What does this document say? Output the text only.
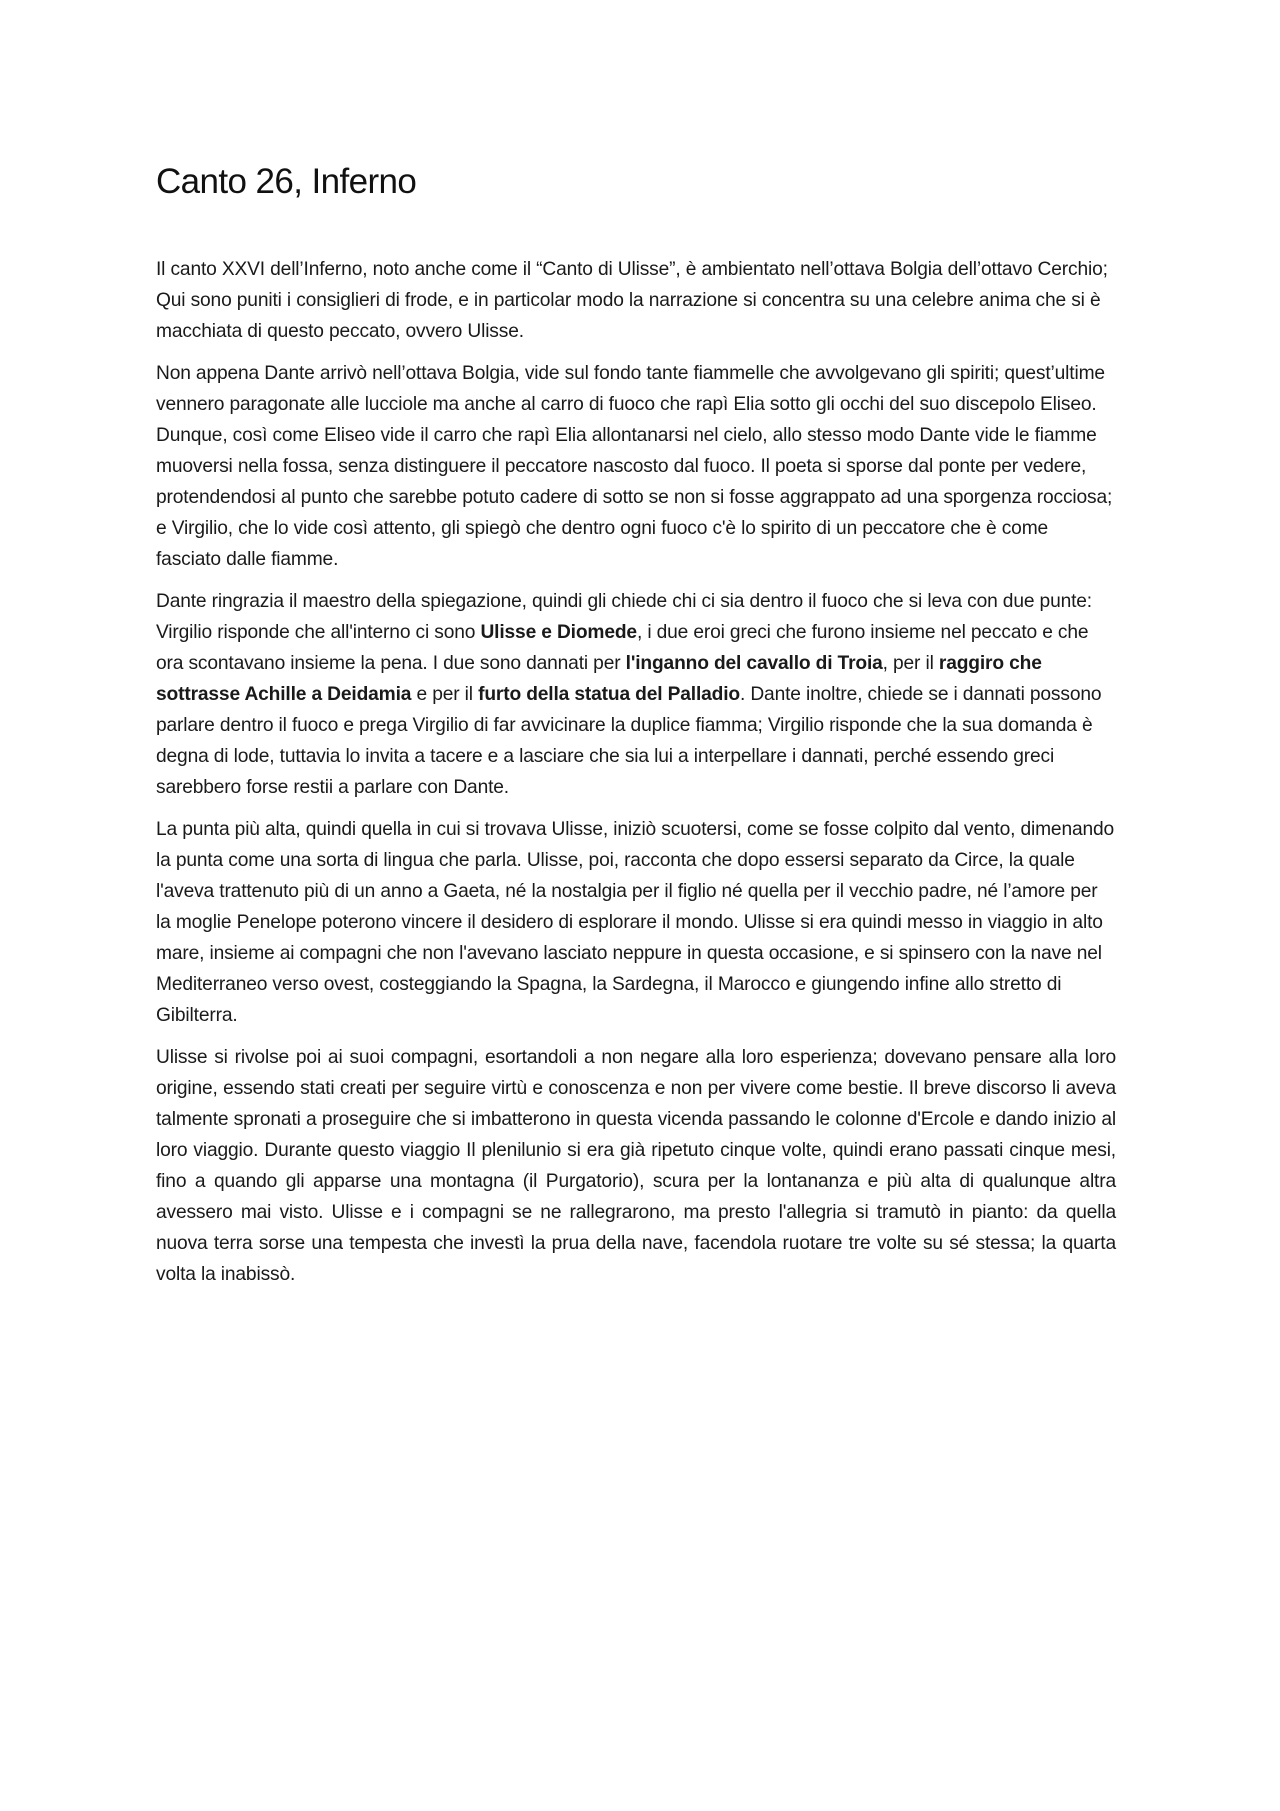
Canto 26, Inferno

Il canto XXVI dell’Inferno, noto anche come il “Canto di Ulisse”, è ambientato nell’ottava Bolgia dell’ottavo Cerchio; Qui sono puniti i consiglieri di frode, e in particolar modo la narrazione si concentra su una celebre anima che si è macchiata di questo peccato, ovvero Ulisse.

Non appena Dante arrivò nell’ottava Bolgia, vide sul fondo tante fiammelle che avvolgevano gli spiriti; quest’ultime vennero paragonate alle lucciole ma anche al carro di fuoco che rapì Elia sotto gli occhi del suo discepolo Eliseo. Dunque, così come Eliseo vide il carro che rapì Elia allontanarsi nel cielo, allo stesso modo Dante vide le fiamme muoversi nella fossa, senza distinguere il peccatore nascosto dal fuoco. Il poeta si sporse dal ponte per vedere, protendendosi al punto che sarebbe potuto cadere di sotto se non si fosse aggrappato ad una sporgenza rocciosa; e Virgilio, che lo vide così attento, gli spiegò che dentro ogni fuoco c'è lo spirito di un peccatore che è come fasciato dalle fiamme.

Dante ringrazia il maestro della spiegazione, quindi gli chiede chi ci sia dentro il fuoco che si leva con due punte: Virgilio risponde che all'interno ci sono Ulisse e Diomede, i due eroi greci che furono insieme nel peccato e che ora scontavano insieme la pena. I due sono dannati per l'inganno del cavallo di Troia, per il raggiro che sottrasse Achille a Deidamia e per il furto della statua del Palladio. Dante inoltre, chiede se i dannati possono parlare dentro il fuoco e prega Virgilio di far avvicinare la duplice fiamma; Virgilio risponde che la sua domanda è degna di lode, tuttavia lo invita a tacere e a lasciare che sia lui a interpellare i dannati, perché essendo greci sarebbero forse restii a parlare con Dante.

La punta più alta, quindi quella in cui si trovava Ulisse, iniziò scuotersi, come se fosse colpito dal vento, dimenando la punta come una sorta di lingua che parla. Ulisse, poi, racconta che dopo essersi separato da Circe, la quale l'aveva trattenuto più di un anno a Gaeta, né la nostalgia per il figlio né quella per il vecchio padre, né l’amore per la moglie Penelope poterono vincere il desidero di esplorare il mondo. Ulisse si era quindi messo in viaggio in alto mare, insieme ai compagni che non l'avevano lasciato neppure in questa occasione, e si spinsero con la nave nel Mediterraneo verso ovest, costeggiando la Spagna, la Sardegna, il Marocco e giungendo infine allo stretto di Gibilterra.

Ulisse si rivolse poi ai suoi compagni, esortandoli a non negare alla loro esperienza; dovevano pensare alla loro origine, essendo stati creati per seguire virtù e conoscenza e non per vivere come bestie. Il breve discorso li aveva talmente spronati a proseguire che si imbatterono in questa vicenda passando le colonne d'Ercole e dando inizio al loro viaggio. Durante questo viaggio Il plenilunio si era già ripetuto cinque volte, quindi erano passati cinque mesi, fino a quando gli apparse una montagna (il Purgatorio), scura per la lontananza e più alta di qualunque altra avessero mai visto. Ulisse e i compagni se ne rallegrarono, ma presto l'allegria si tramutò in pianto: da quella nuova terra sorse una tempesta che investì la prua della nave, facendola ruotare tre volte su sé stessa; la quarta volta la inabissò.
